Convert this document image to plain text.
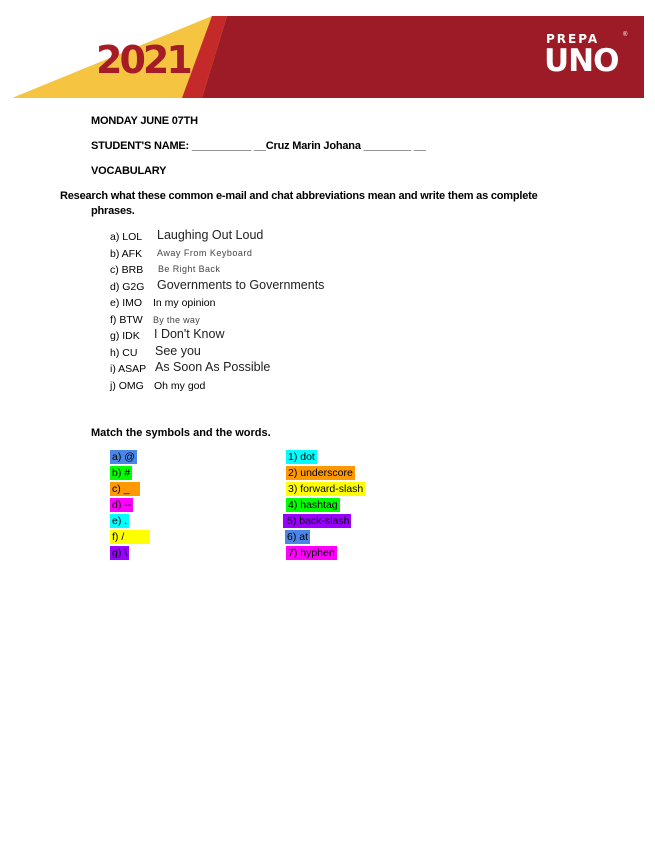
2021	PREPA
UNO
®
MONDAY JUNE 07TH
STUDENT'S NAME: __________ __Cruz Marin Johana ________ __
VOCABULARY
Research what these common e-mail and chat abbreviations mean and write them as complete
phrases.
a) LOL Laughing Out Loud
b) AFK Away From Keyboard
c) BRB Be Right Back
d) G2G Governments to Governments
e) IMO In my opinion
f) BTW By the way
g) IDK I Don't Know
h) CU See you
i) ASAP As Soon As Possible
j) OMG Oh my god
Match the symbols and the words.
a) @
b) #
c) _
d) --
e) .
f) /
g) \
1) dot
2) underscore
3) forward-slash
4) hashtag
5) back-slash
6) at
7) hyphen
